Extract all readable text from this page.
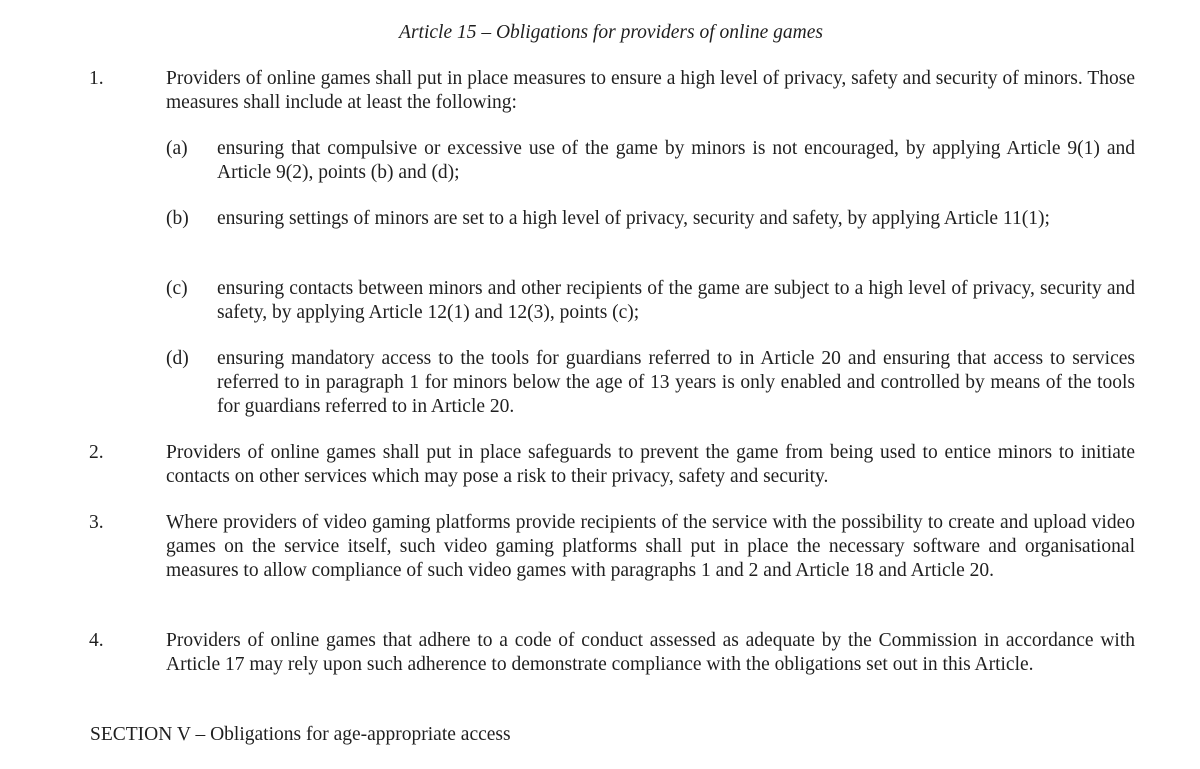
Article 15 – Obligations for providers of online games
1.	Providers of online games shall put in place measures to ensure a high level of privacy, safety and security of minors. Those measures shall include at least the following:
(a) ensuring that compulsive or excessive use of the game by minors is not encouraged, by applying Article 9(1) and Article 9(2), points (b) and (d);
(b) ensuring settings of minors are set to a high level of privacy, security and safety, by applying Article 11(1);
(c) ensuring contacts between minors and other recipients of the game are subject to a high level of privacy, security and safety, by applying Article 12(1) and 12(3), points (c);
(d) ensuring mandatory access to the tools for guardians referred to in Article 20 and ensuring that access to services referred to in paragraph 1 for minors below the age of 13 years is only enabled and controlled by means of the tools for guardians referred to in Article 20.
2.	Providers of online games shall put in place safeguards to prevent the game from being used to entice minors to initiate contacts on other services which may pose a risk to their privacy, safety and security.
3.	Where providers of video gaming platforms provide recipients of the service with the possibility to create and upload video games on the service itself, such video gaming platforms shall put in place the necessary software and organisational measures to allow compliance of such video games with paragraphs 1 and 2 and Article 18 and Article 20.
4.	Providers of online games that adhere to a code of conduct assessed as adequate by the Commission in accordance with Article 17 may rely upon such adherence to demonstrate compliance with the obligations set out in this Article.
SECTION V – Obligations for age-appropriate access
